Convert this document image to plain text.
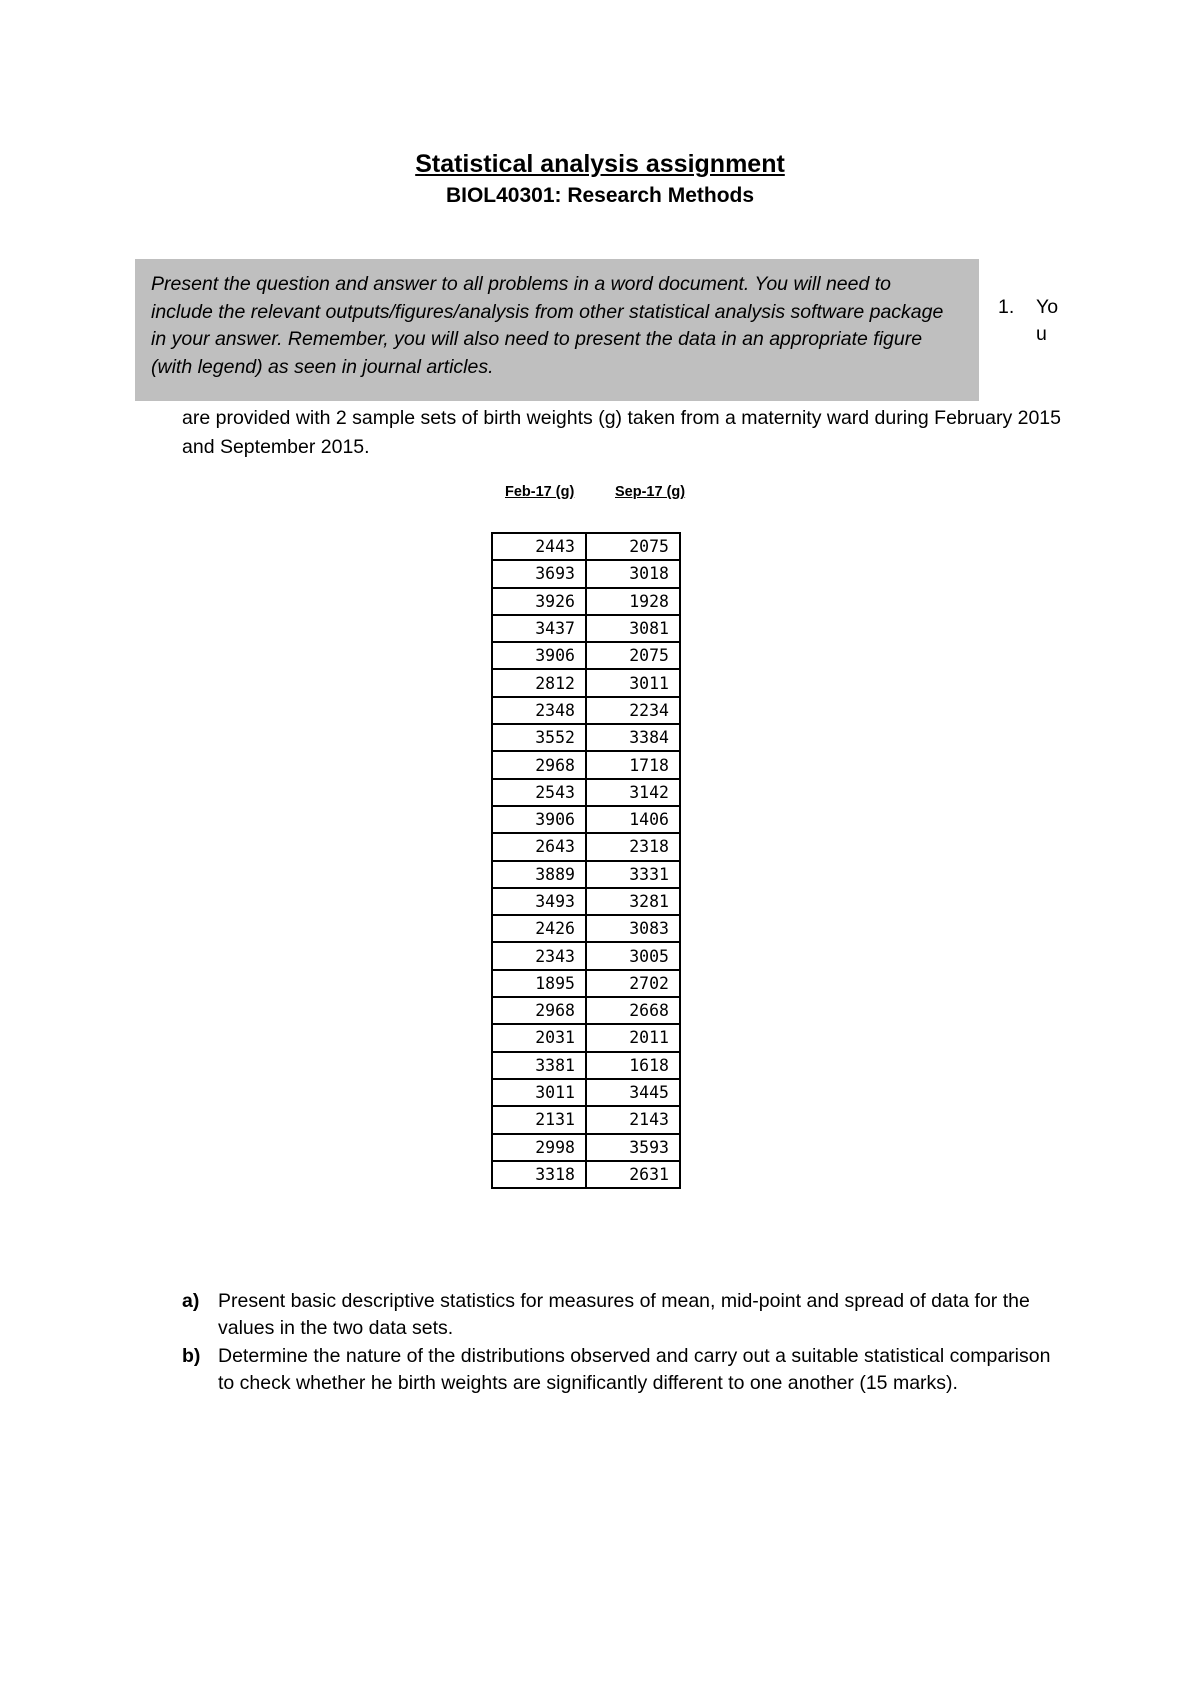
Statistical analysis assignment
BIOL40301: Research Methods
Present the question and answer to all problems in a word document. You will need to include the relevant outputs/figures/analysis from other statistical analysis software package in your answer. Remember, you will also need to present the data in an appropriate figure (with legend) as seen in journal articles.
1. Yo u
are provided with 2 sample sets of birth weights (g) taken from a maternity ward during February 2015 and September 2015.
Feb-17 (g)	Sep-17 (g)
2443	2075
3693	3018
3926	1928
3437	3081
3906	2075
2812	3011
2348	2234
3552	3384
2968	1718
2543	3142
3906	1406
2643	2318
3889	3331
3493	3281
2426	3083
2343	3005
1895	2702
2968	2668
2031	2011
3381	1618
3011	3445
2131	2143
2998	3593
3318	2631
a) Present basic descriptive statistics for measures of mean, mid-point and spread of data for the values in the two data sets.
b) Determine the nature of the distributions observed and carry out a suitable statistical comparison to check whether he birth weights are significantly different to one another (15 marks).
